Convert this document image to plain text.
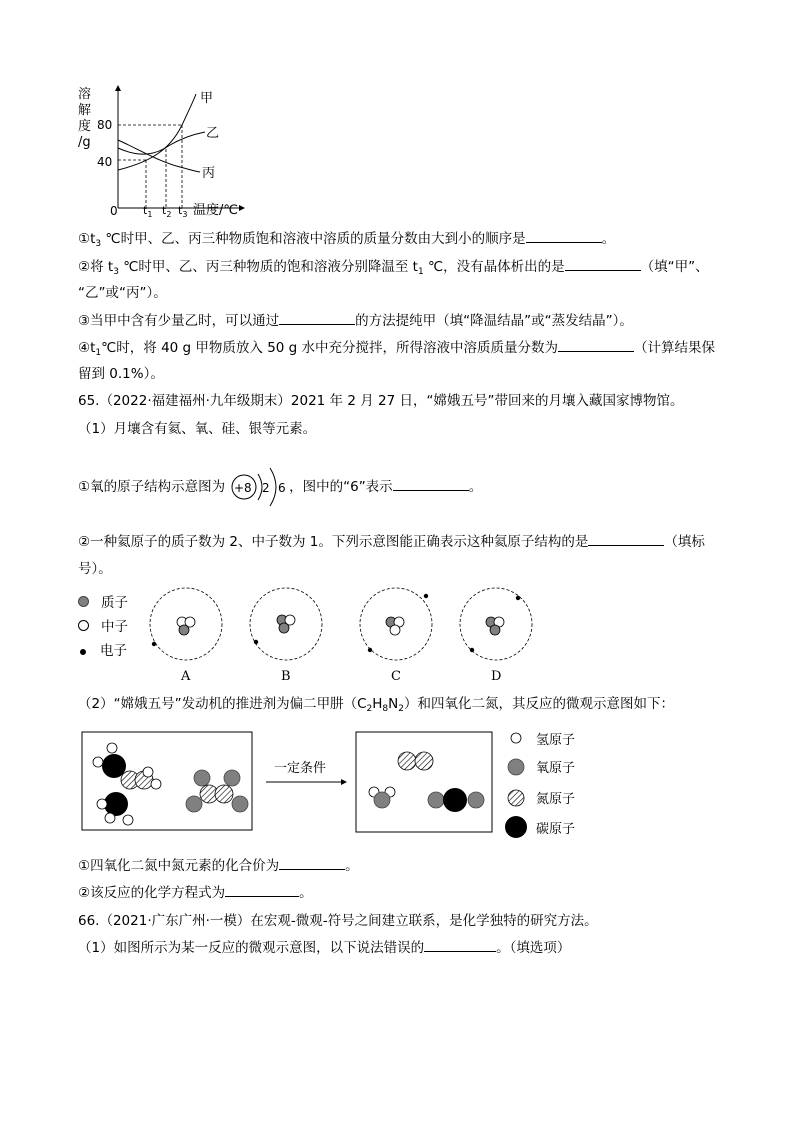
溶
解
度
/g
80
40
0
甲
乙
丙
$t_1$ $t_2$ $t_3$ 温度/℃
$①t_3$ ℃时甲、乙、丙三种物质饱和溶液中溶质的质量分数由大到小的顺序是	。
②将 $t_3$ ℃时甲、乙、丙三种物质的饱和溶液分别降温至 $t_1$ ℃，没有晶体析出的是	（填“甲”、
“乙”或“丙”）。
③当甲中含有少量乙时，可以通过	的方法提纯甲（填“降温结晶”或“蒸发结晶”）。
$④t_1℃$时，将 40 g 甲物质放入 50 g 水中充分搅拌，所得溶液中溶质质量分数为	（计算结果保
留到 0.1%）。
65.（2022·福建福州·九年级期末）2021 年 2 月 27 日，“嫦娥五号”带回来的月壤入藏国家博物馆。
（1）月壤含有氦、氧、硅、银等元素。
①氧的原子结构示意图为	，图中的“6”表示	。
+8 2 6
②一种氦原子的质子数为 2、中子数为 1。下列示意图能正确表示这种氦原子结构的是	（填标
号）。
质子
中子
电子
A	B	C	D
（2）“嫦娥五号”发动机的推进剂为偏二甲肼$(C_2H_8N_2)$和四氧化二氮，其反应的微观示意图如下：
一定条件
氢原子
氧原子
氮原子
碳原子
①四氧化二氮中氮元素的化合价为	。
②该反应的化学方程式为	。
66.（2021·广东广州·一模）在宏观-微观-符号之间建立联系，是化学独特的研究方法。
（1）如图所示为某一反应的微观示意图，以下说法错误的	。（填选项）
